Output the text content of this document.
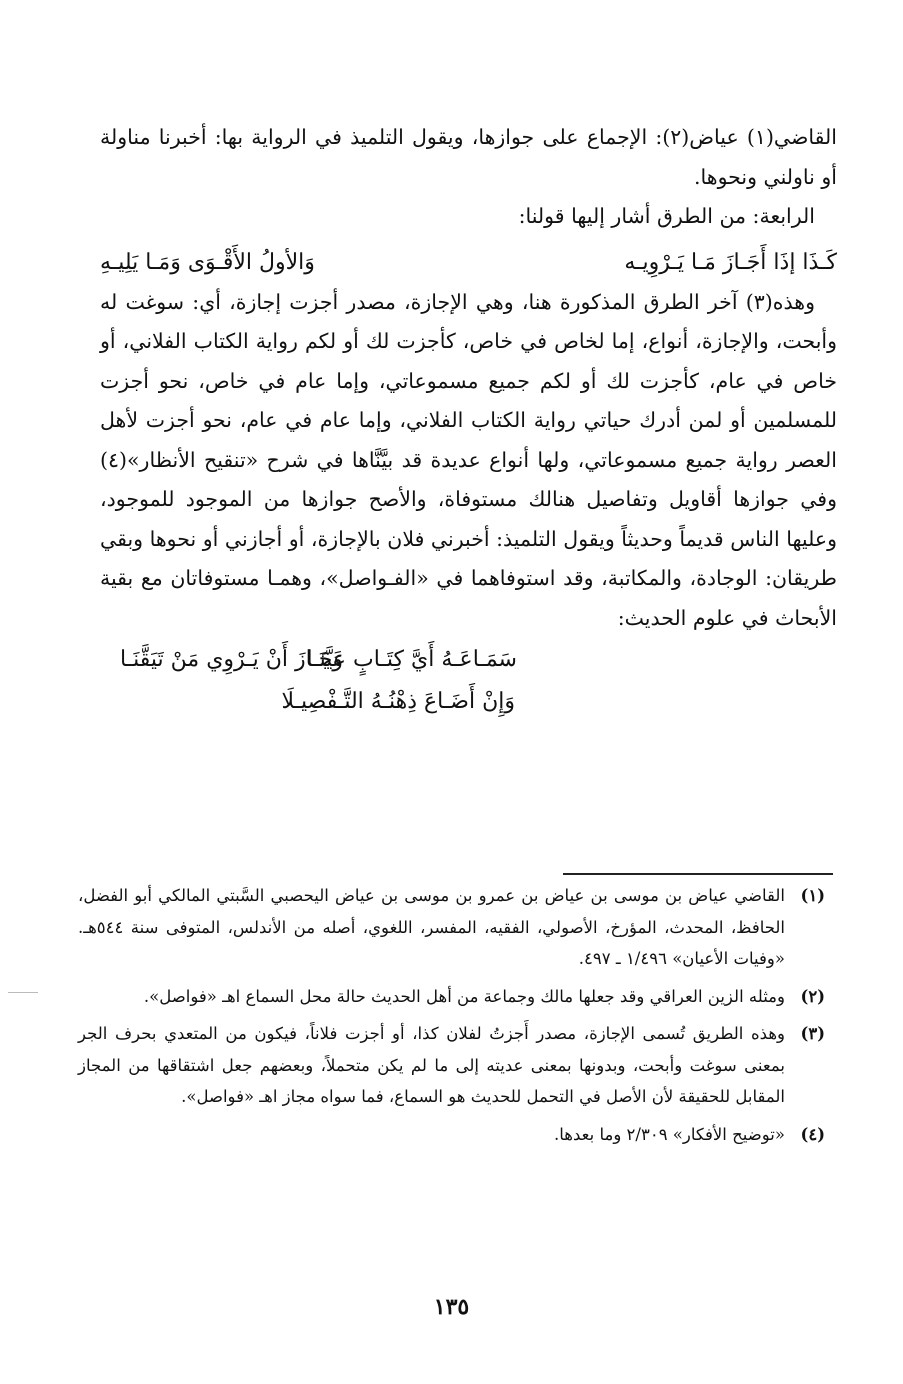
القاضي(١) عياض(٢): الإجماع على جوازها، ويقول التلميذ في الرواية بها: أخبرنا مناولة أو ناولني ونحوها.

الرابعة: من الطرق أشار إليها قولنا:

كَـذَا إذَا أَجَـازَ مَـا يَـرْوِيـه
وَالأولُ الأَقْـوَى وَمَـا يَلِيـهِ

وهذه(٣) آخر الطرق المذكورة هنا، وهي الإجازة، مصدر أجزت إجازة، أي: سوغت له وأبحت، والإجازة، أنواع، إما لخاص في خاص، كأجزت لك أو لكم رواية الكتاب الفلاني، أو خاص في عام، كأجزت لك أو لكم جميع مسموعاتي، وإما عام في خاص، نحو أجزت للمسلمين أو لمن أدرك حياتي رواية الكتاب الفلاني، وإما عام في عام، نحو أجزت لأهل العصر رواية جميع مسموعاتي، ولها أنواع عديدة قد بيَّنَّاها في شرح «تنقيح الأنظار»(٤) وفي جوازها أقاويل وتفاصيل هنالك مستوفاة، والأصح جوازها من الموجود للموجود، وعليها الناس قديماً وحديثاً ويقول التلميذ: أخبرني فلان بالإجازة، أو أجازني أو نحوها وبقي طريقان: الوجادة، والمكاتبة، وقد استوفاهما في «الفـواصل»، وهمـا مستوفاتان مع بقية الأبحاث في علوم الحديث:

سَمَـاعَـهُ أَيَّ كِتَـابٍ عَيَّنَـا
وَجَـازَ أَنْ يَـرْوِي مَنْ تَيَقَّنَـا
وَإِنْ أَضَـاعَ ذِهْنُـهُ التَّـفْصِيـلَا
(١)
القاضي عياض بن موسى بن عياض بن عمرو بن موسى بن عياض اليحصبي السَّبتي المالكي أبو الفضل، الحافظ، المحدث، المؤرخ، الأصولي، الفقيه، المفسر، اللغوي، أصله من الأندلس، المتوفى سنة ٥٤٤هـ. «وفيات الأعيان» ١/٤٩٦ ـ ٤٩٧.
(٢)
ومثله الزين العراقي وقد جعلها مالك وجماعة من أهل الحديث حالة محل السماع اهـ «فواصل».
(٣)
وهذه الطريق تُسمى الإجازة، مصدر أَجزتُ لفلان كذا، أو أجزت فلاناً، فيكون من المتعدي بحرف الجر بمعنى سوغت وأبحت، وبدونها بمعنى عديته إلى ما لم يكن متحملاً، وبعضهم جعل اشتقاقها من المجاز المقابل للحقيقة لأن الأصل في التحمل للحديث هو السماع، فما سواه مجاز اهـ «فواصل».
(٤)
«توضيح الأفكار» ٢/٣٠٩ وما بعدها.
١٣٥
